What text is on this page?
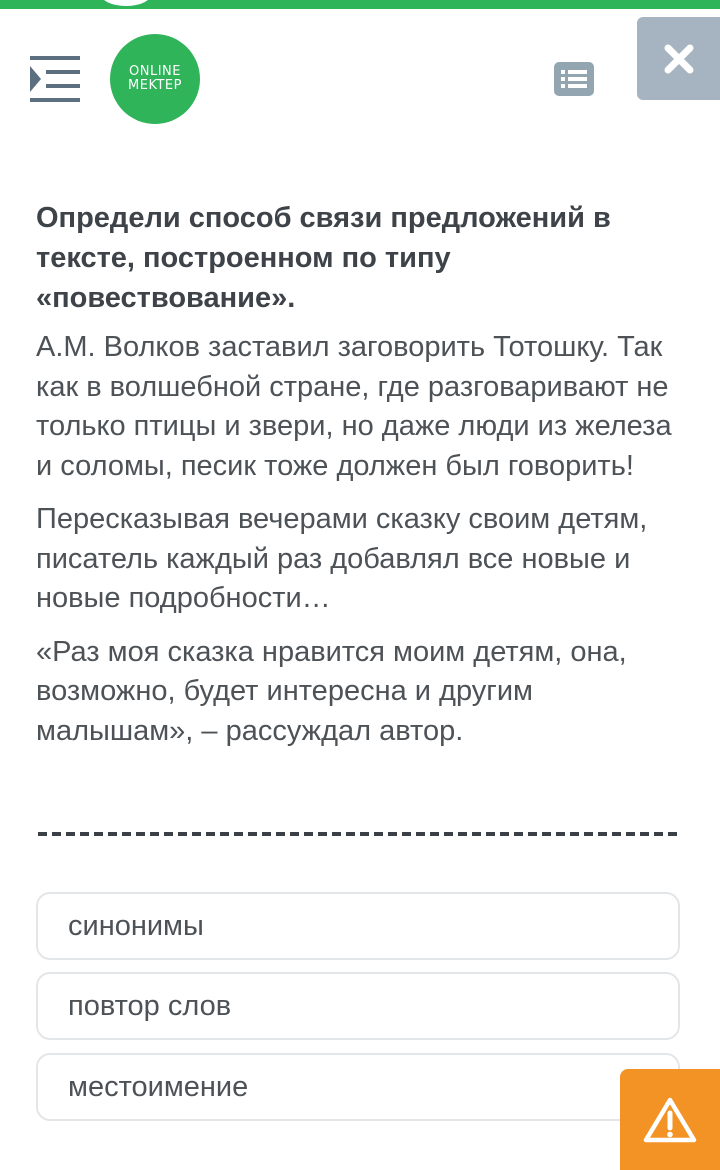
ONLINE
MEKTEP

Определи способ связи предложений в тексте, построенном по типу «повествование».

А.М. Волков заставил заговорить Тотошку. Так как в волшебной стране, где разговаривают не только птицы и звери, но даже люди из железа и соломы, песик тоже должен был говорить!

Пересказывая вечерами сказку своим детям, писатель каждый раз добавлял все новые и новые подробности…

«Раз моя сказка нравится моим детям, она, возможно, будет интересна и другим малышам», – рассуждал автор.

синонимы
повтор слов
местоимение
